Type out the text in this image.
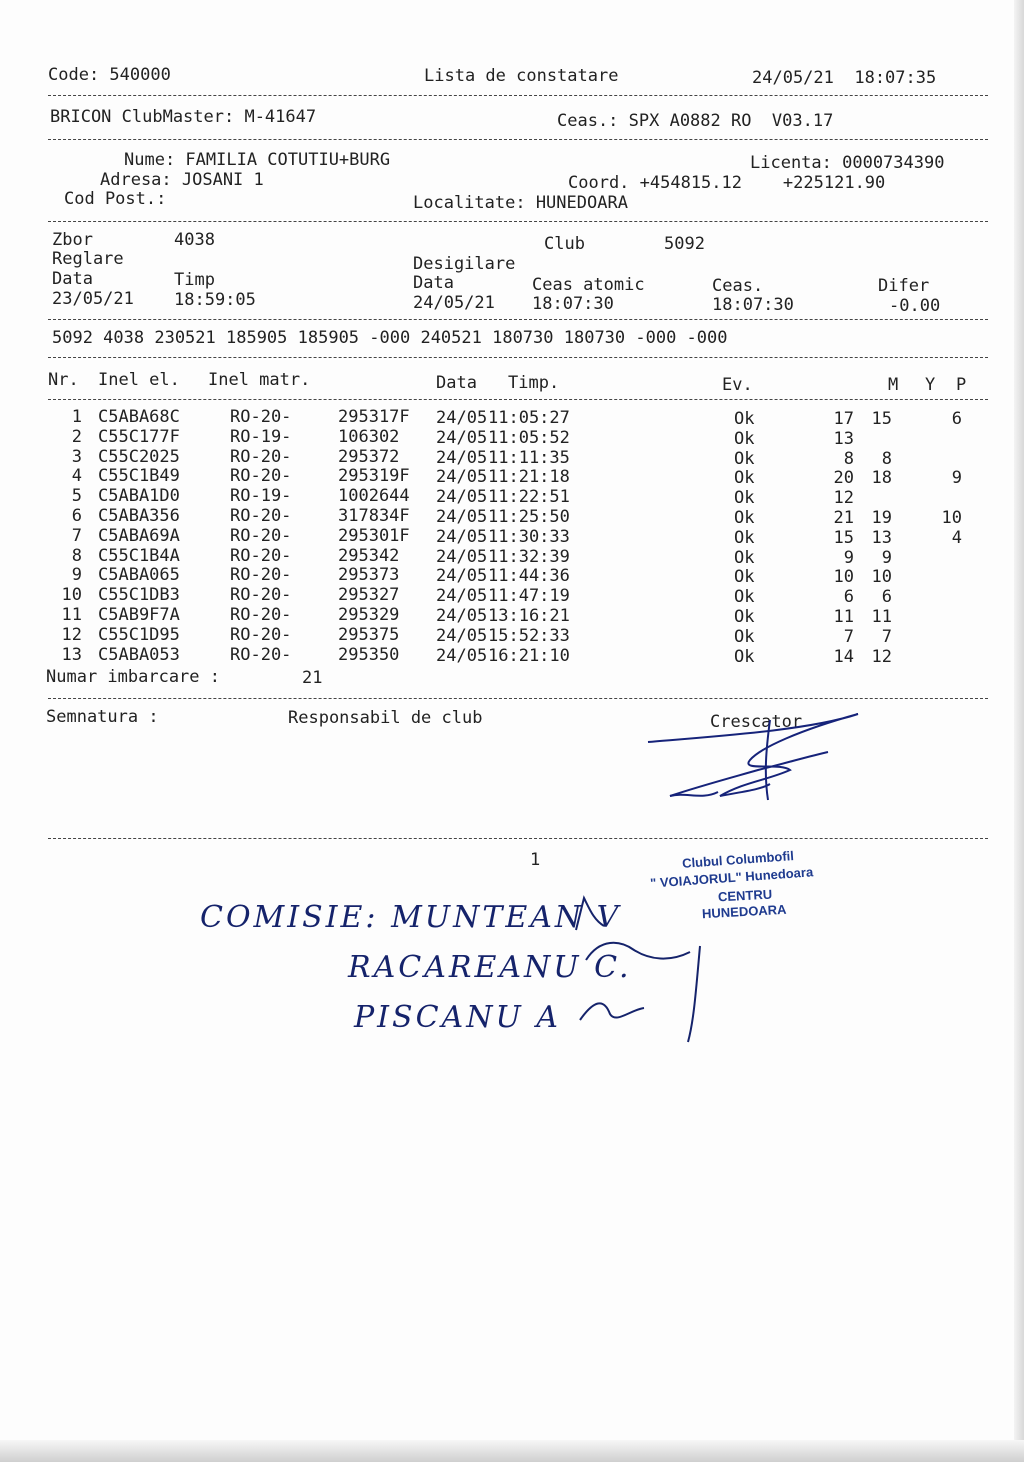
Code: 540000	Lista de constatare	24/05/21  18:07:35
BRICON ClubMaster: M-41647	Ceas.: SPX A0882 RO  V03.17
Nume: FAMILIA COTUTIU+BURG	Licenta: 0000734390
Adresa: JOSANI 1	Coord. +454815.12    +225121.90
Cod Post.:	Localitate: HUNEDOARA
Zbor	4038	Club	5092
Reglare	Desigilare
Data	Timp	Data	Ceas atomic	Ceas.	Difer
23/05/21 18:59:05	24/05/21 18:07:30	18:07:30	-0.00
5092 4038 230521 185905 185905 -000 240521 180730 180730 -000 -000
Nr. Inel el. Inel matr.	Data Timp.	Ev.	M Y P
1 C5ABA68C	RO-20-	295317F 24/05 11:05:27	Ok	17	15	6
2 C55C177F	RO-19-	106302 24/05 11:05:52	Ok	13
3 C55C2025	RO-20-	295372 24/05 11:11:35	Ok	8	8
4 C55C1B49	RO-20-	295319F 24/05 11:21:18	Ok	20	18	9
5 C5ABA1D0	RO-19-	1002644 24/05 11:22:51	Ok	12
6 C5ABA356	RO-20-	317834F 24/05 11:25:50	Ok	21	19	10
7 C5ABA69A	RO-20-	295301F 24/05 11:30:33	Ok	15	13	4
8 C55C1B4A	RO-20-	295342 24/05 11:32:39	Ok	9	9
9 C5ABA065	RO-20-	295373 24/05 11:44:36	Ok	10	10
10 C55C1DB3	RO-20-	295327 24/05 11:47:19	Ok	6	6
11 C5AB9F7A	RO-20-	295329 24/05 13:16:21	Ok	11	11
12 C55C1D95	RO-20-	295375 24/05 15:52:33	Ok	7	7
13 C5ABA053	RO-20-	295350 24/05 16:21:10	Ok	14	12
Numar imbarcare :	21
Semnatura :	Responsabil de club	Crescator
1	Clubul Columbofil
" VOIAJORUL" Hunedoara
CENTRU
HUNEDOARA
COMISIE: MUNTEAN V
RACAREANU C.
PISCANU A
